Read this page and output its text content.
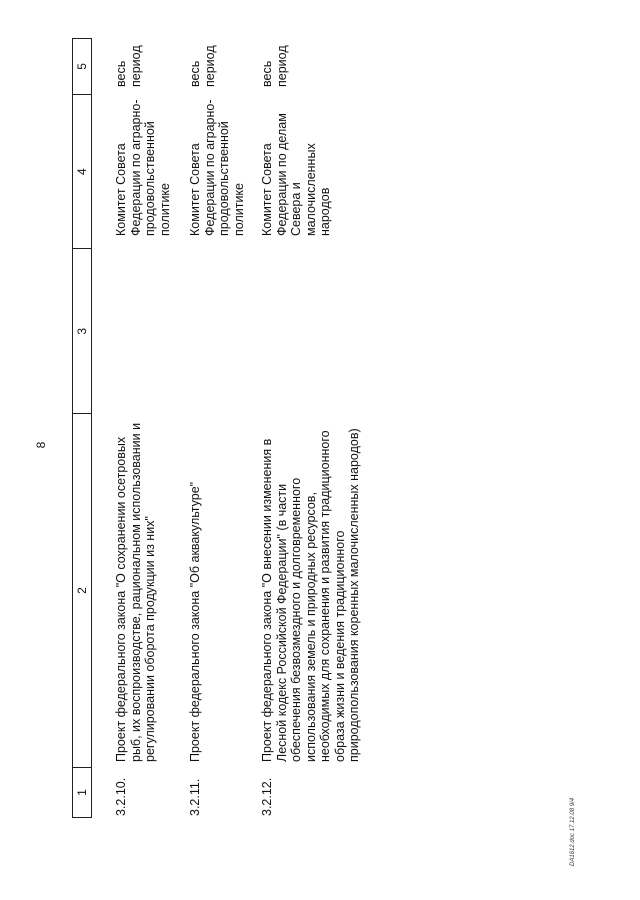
8
1
2
3
4
5
3.2.10.
Проект федерального закона "О сохранении осетровых рыб, их воспроизводстве, рациональном использовании и регулировании оборота продукции из них"
Комитет Совета Федерации по аграрно-продовольственной политике
весь период
3.2.11.
Проект федерального закона "Об аквакультуре"
Комитет Совета Федерации по аграрно-продовольственной политике
весь период
3.2.12.
Проект федерального закона "О внесении изменения в Лесной кодекс Российской Федерации" (в части обеспечения безвозмездного и долговременного использования земель и природных ресурсов, необходимых для сохранения и развития традиционного образа жизни и ведения традиционного природопользования коренных малочисленных народов)
Комитет Совета Федерации по делам Севера и малочисленных народов
весь период
DA1612.doc 17.12.08 9/4
